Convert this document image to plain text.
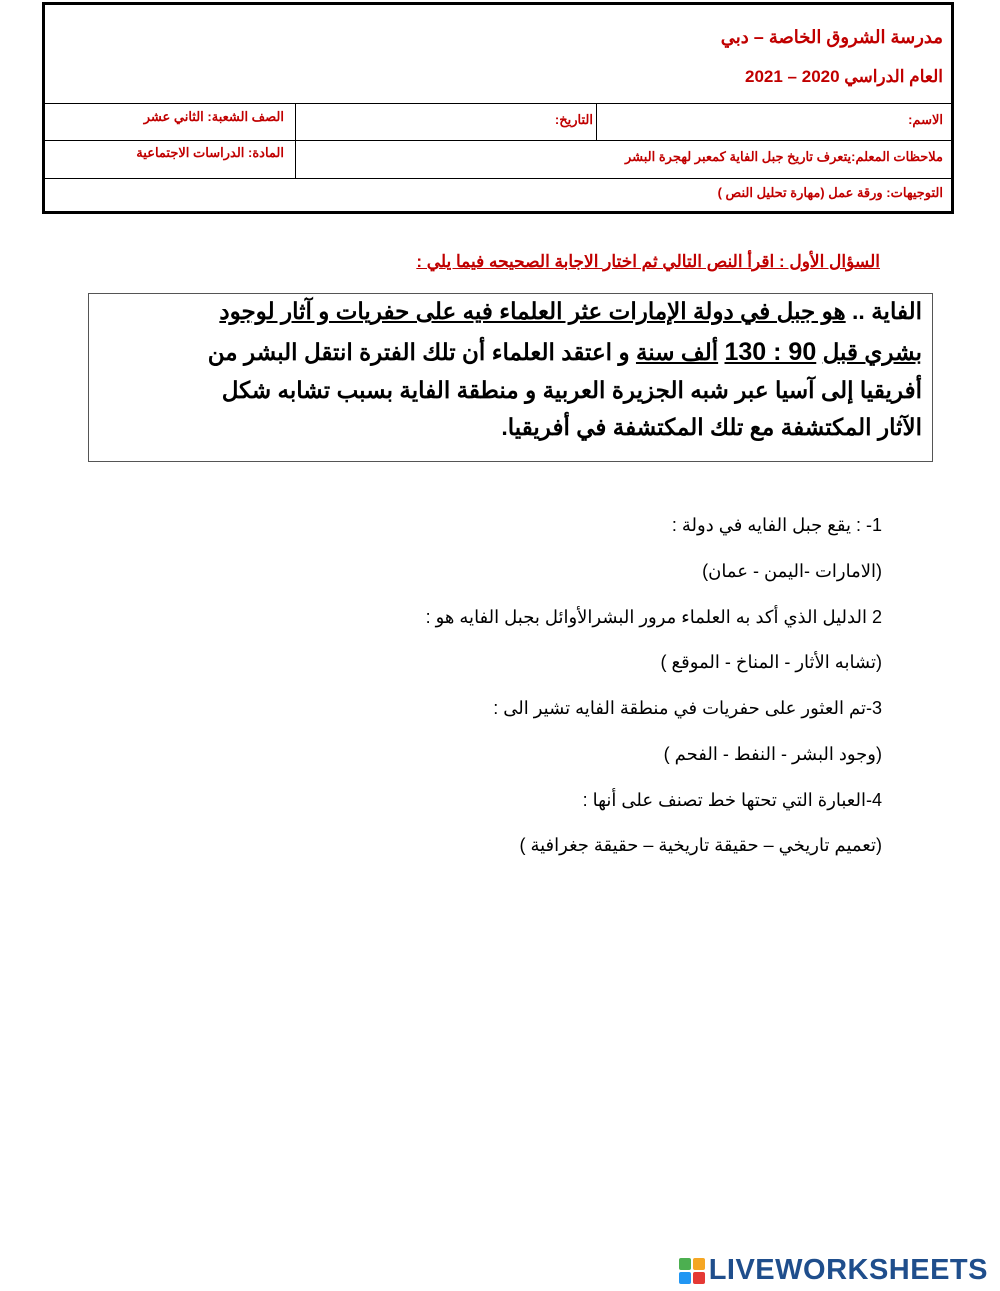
مدرسة الشروق الخاصة – دبي
العام الدراسي 2020 – 2021
الاسم:
التاريخ:
الصف الشعبة: الثاني عشر
ملاحظات المعلم:يتعرف تاريخ جبل الفاية كمعبر لهجرة البشر
المادة: الدراسات الاجتماعية
التوجيهات: ورقة عمل (مهارة تحليل النص )
السؤال الأول : اقرأ النص التالي ثم اختار الاجابة الصحيحه فيما يلي :
الفاية .. هو جبل في دولة الإمارات عثر العلماء فيه على حفريات و آثار لوجود
بشري قبل 130 : 90 ألف سنة و اعتقد العلماء أن تلك الفترة انتقل البشر من
أفريقيا إلى آسيا عبر شبه الجزيرة العربية و منطقة الفاية بسبب تشابه شكل
الآثار المكتشفة مع تلك المكتشفة في أفريقيا.
1- : يقع جبل الفايه في دولة :
(الامارات -اليمن - عمان)
2 الدليل الذي أكد به العلماء مرور البشرالأوائل بجبل الفايه هو :
(تشابه الأثار - المناخ - الموقع )
3-تم العثور على حفريات في منطقة الفايه تشير الى :
(وجود البشر - النفط - الفحم )
4-العبارة التي تحتها خط تصنف على أنها :
(تعميم تاريخي – حقيقة تاريخية – حقيقة جغرافية )
LIVEWORKSHEETS
